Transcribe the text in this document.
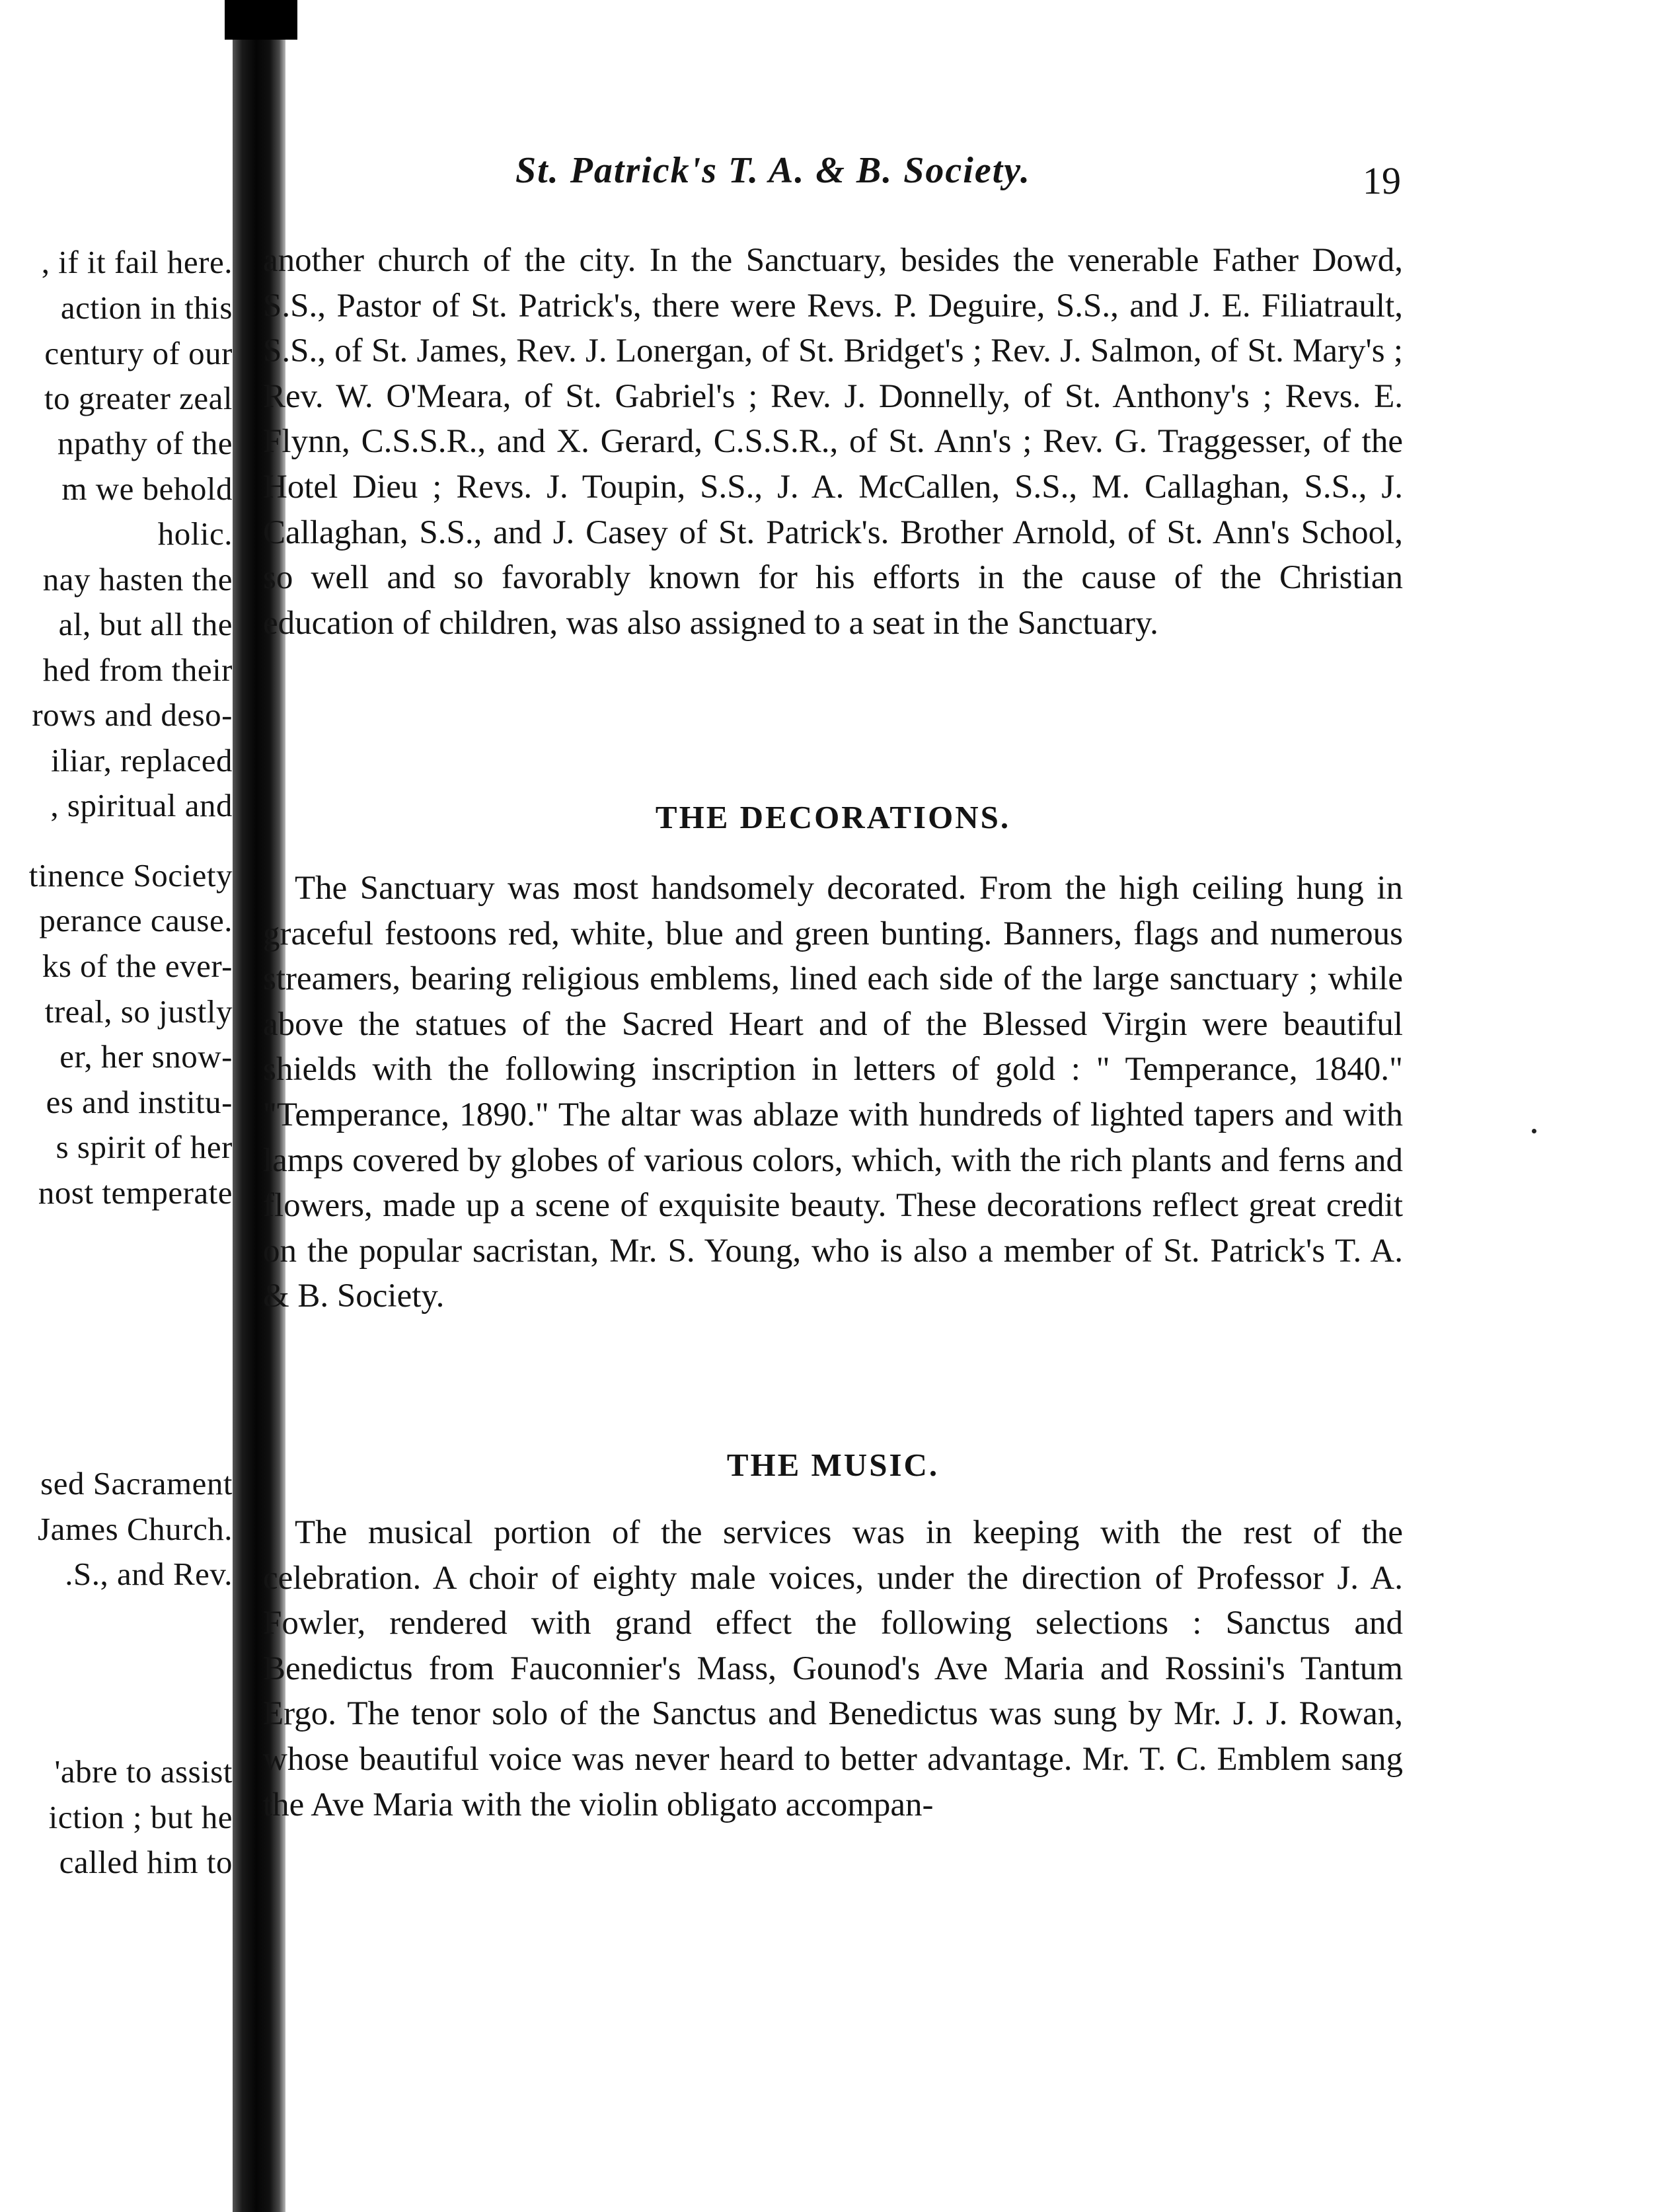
, if it fail here.
action in this
century of our
to greater zeal
npathy of the
m we behold
holic.
nay hasten the
al, but all the
hed from their
rows and deso-
iliar, replaced
, spiritual and
tinence Society
perance cause.
ks of the ever-
treal, so justly
er, her snow-
es and institu-
s spirit of her
nost temperate
sed Sacrament
James Church.
.S., and Rev.
'abre to assist
iction ; but he
called him to
St. Patrick's T. A. & B. Society.	19

another church of the city. In the Sanctuary, besides the venerable Father Dowd, S.S., Pastor of St. Patrick's, there were Revs. P. Deguire, S.S., and J. E. Filiatrault, S.S., of St. James, Rev. J. Lonergan, of St. Bridget's ; Rev. J. Salmon, of St. Mary's ; Rev. W. O'Meara, of St. Gabriel's ; Rev. J. Donnelly, of St. Anthony's ; Revs. E. Flynn, C.S.S.R., and X. Gerard, C.S.S.R., of St. Ann's ; Rev. G. Traggesser, of the Hotel Dieu ; Revs. J. Toupin, S.S., J. A. McCallen, S.S., M. Callaghan, S.S., J. Callaghan, S.S., and J. Casey of St. Patrick's. Brother Arnold, of St. Ann's School, so well and so favorably known for his efforts in the cause of the Christian education of children, was also assigned to a seat in the Sanctuary.

THE DECORATIONS.

The Sanctuary was most handsomely decorated. From the high ceiling hung in graceful festoons red, white, blue and green bunting. Banners, flags and numerous streamers, bearing religious emblems, lined each side of the large sanctuary ; while above the statues of the Sacred Heart and of the Blessed Virgin were beautiful shields with the following inscription in letters of gold : " Temperance, 1840." "Temperance, 1890." The altar was ablaze with hundreds of lighted tapers and with lamps covered by globes of various colors, which, with the rich plants and ferns and flowers, made up a scene of exquisite beauty. These decorations reflect great credit on the popular sacristan, Mr. S. Young, who is also a member of St. Patrick's T. A. & B. Society.

THE MUSIC.

The musical portion of the services was in keeping with the rest of the celebration. A choir of eighty male voices, under the direction of Professor J. A. Fowler, rendered with grand effect the following selections : Sanctus and Benedictus from Fauconnier's Mass, Gounod's Ave Maria and Rossini's Tantum Ergo. The tenor solo of the Sanctus and Benedictus was sung by Mr. J. J. Rowan, whose beautiful voice was never heard to better advantage. Mr. T. C. Emblem sang the Ave Maria with the violin obligato accompan-
